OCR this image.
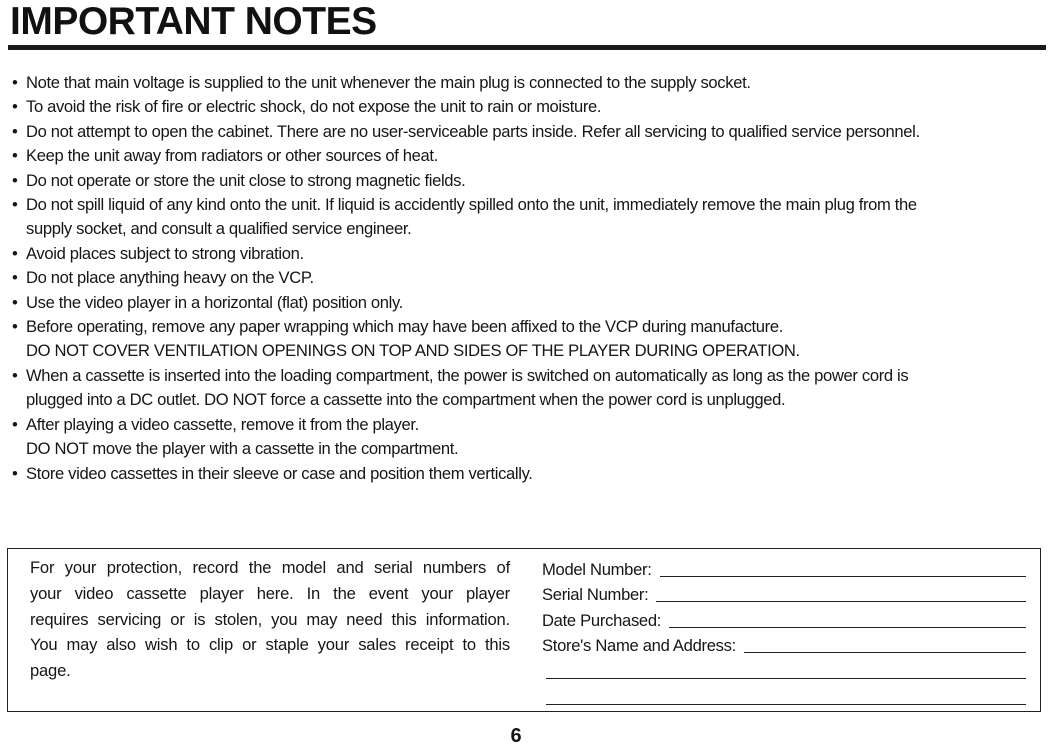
IMPORTANT NOTES
• Note that main voltage is supplied to the unit whenever the main plug is connected to the supply socket.
• To avoid the risk of fire or electric shock, do not expose the unit to rain or moisture.
• Do not attempt to open the cabinet. There are no user-serviceable parts inside. Refer all servicing to qualified service personnel.
• Keep the unit away from radiators or other sources of heat.
• Do not operate or store the unit close to strong magnetic fields.
• Do not spill liquid of any kind onto the unit. If liquid is accidently spilled onto the unit, immediately remove the main plug from the
supply socket, and consult a qualified service engineer.
• Avoid places subject to strong vibration.
• Do not place anything heavy on the VCP.
• Use the video player in a horizontal (flat) position only.
• Before operating, remove any paper wrapping which may have been affixed to the VCP during manufacture.
DO NOT COVER VENTILATION OPENINGS ON TOP AND SIDES OF THE PLAYER DURING OPERATION.
• When a cassette is inserted into the loading compartment, the power is switched on automatically as long as the power cord is
plugged into a DC outlet. DO NOT force a cassette into the compartment when the power cord is unplugged.
• After playing a video cassette, remove it from the player.
DO NOT move the player with a cassette in the compartment.
• Store video cassettes in their sleeve or case and position them vertically.

For your protection, record the model and serial numbers of
your video cassette player here. In the event your player
requires servicing or is stolen, you may need this information.
You may also wish to clip or staple your sales receipt to this
page.

Model Number:
Serial Number:
Date Purchased:
Store's Name and Address:
6
